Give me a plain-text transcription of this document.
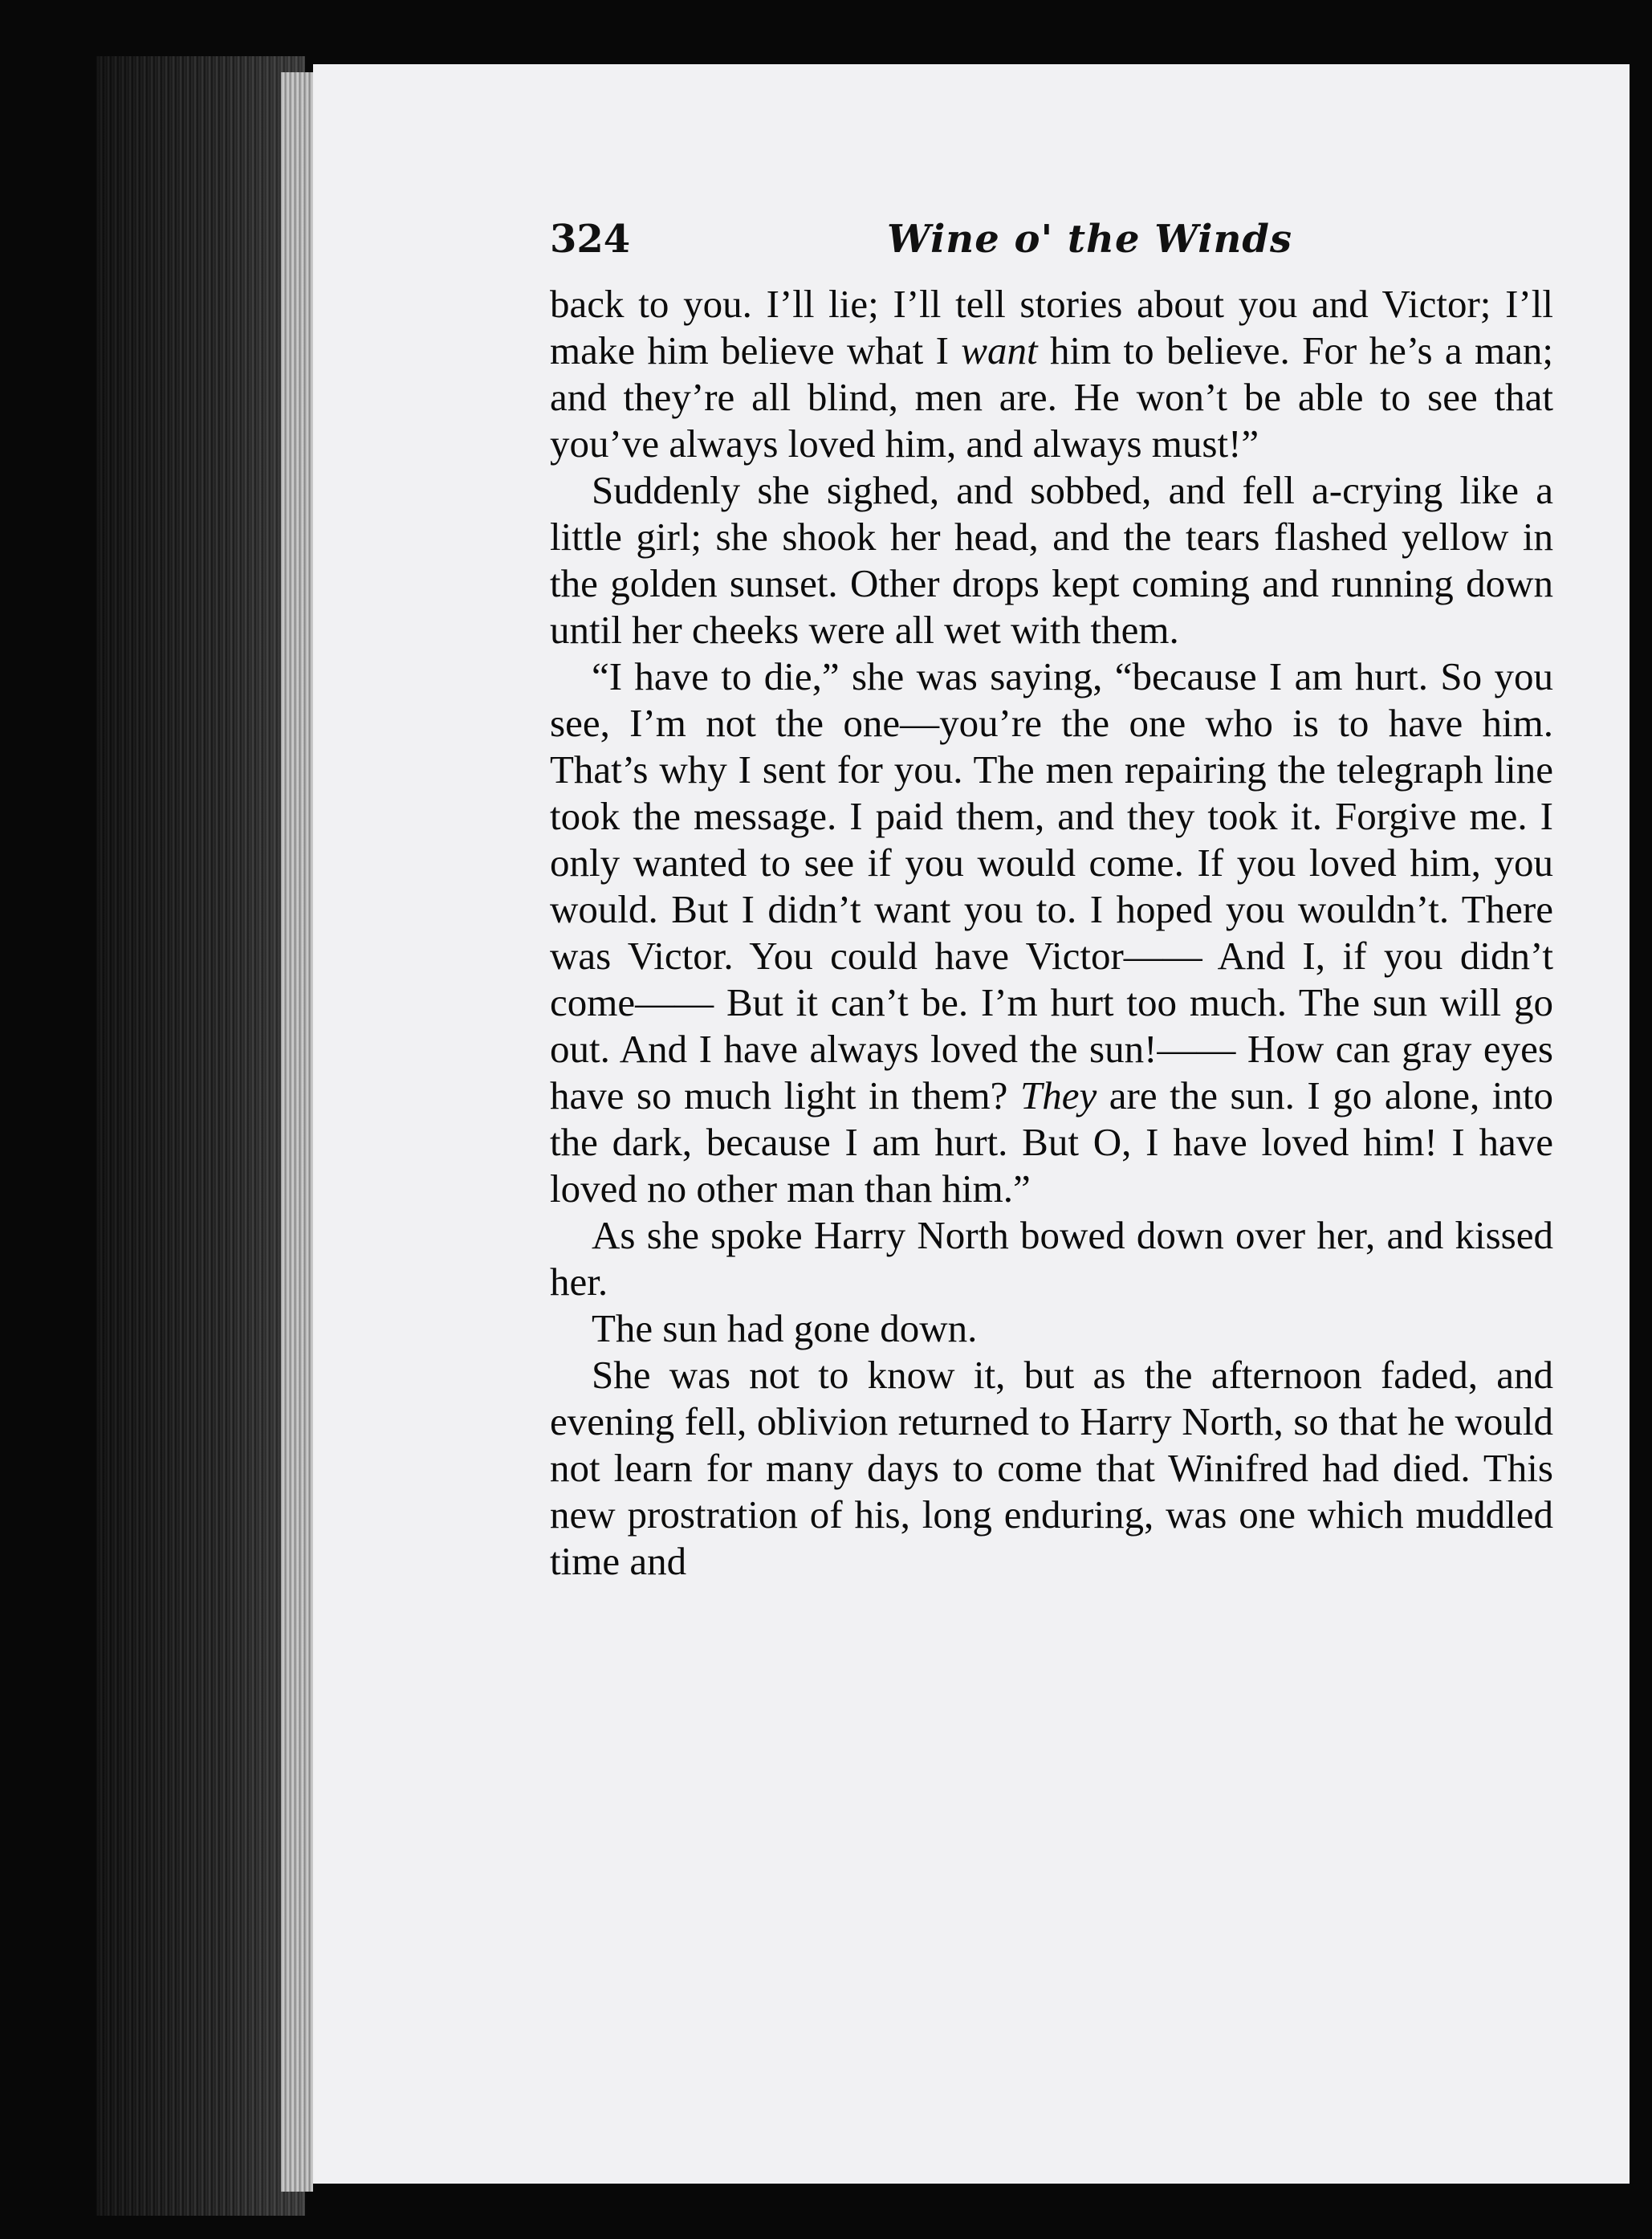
324	Wine o' the Winds

back to you. I’ll lie; I’ll tell stories about you and Victor; I’ll make him believe what I want him to believe. For he’s a man; and they’re all blind, men are. He won’t be able to see that you’ve always loved him, and always must!”

Suddenly she sighed, and sobbed, and fell a-crying like a little girl; she shook her head, and the tears flashed yellow in the golden sunset. Other drops kept coming and running down until her cheeks were all wet with them.

“I have to die,” she was saying, “because I am hurt. So you see, I’m not the one—you’re the one who is to have him. That’s why I sent for you. The men repairing the telegraph line took the message. I paid them, and they took it. Forgive me. I only wanted to see if you would come. If you loved him, you would. But I didn’t want you to. I hoped you wouldn’t. There was Victor. You could have Victor—— And I, if you didn’t come—— But it can’t be. I’m hurt too much. The sun will go out. And I have always loved the sun!—— How can gray eyes have so much light in them? They are the sun. I go alone, into the dark, because I am hurt. But O, I have loved him! I have loved no other man than him.”

As she spoke Harry North bowed down over her, and kissed her.

The sun had gone down.

She was not to know it, but as the afternoon faded, and evening fell, oblivion returned to Harry North, so that he would not learn for many days to come that Winifred had died. This new prostration of his, long enduring, was one which muddled time and
